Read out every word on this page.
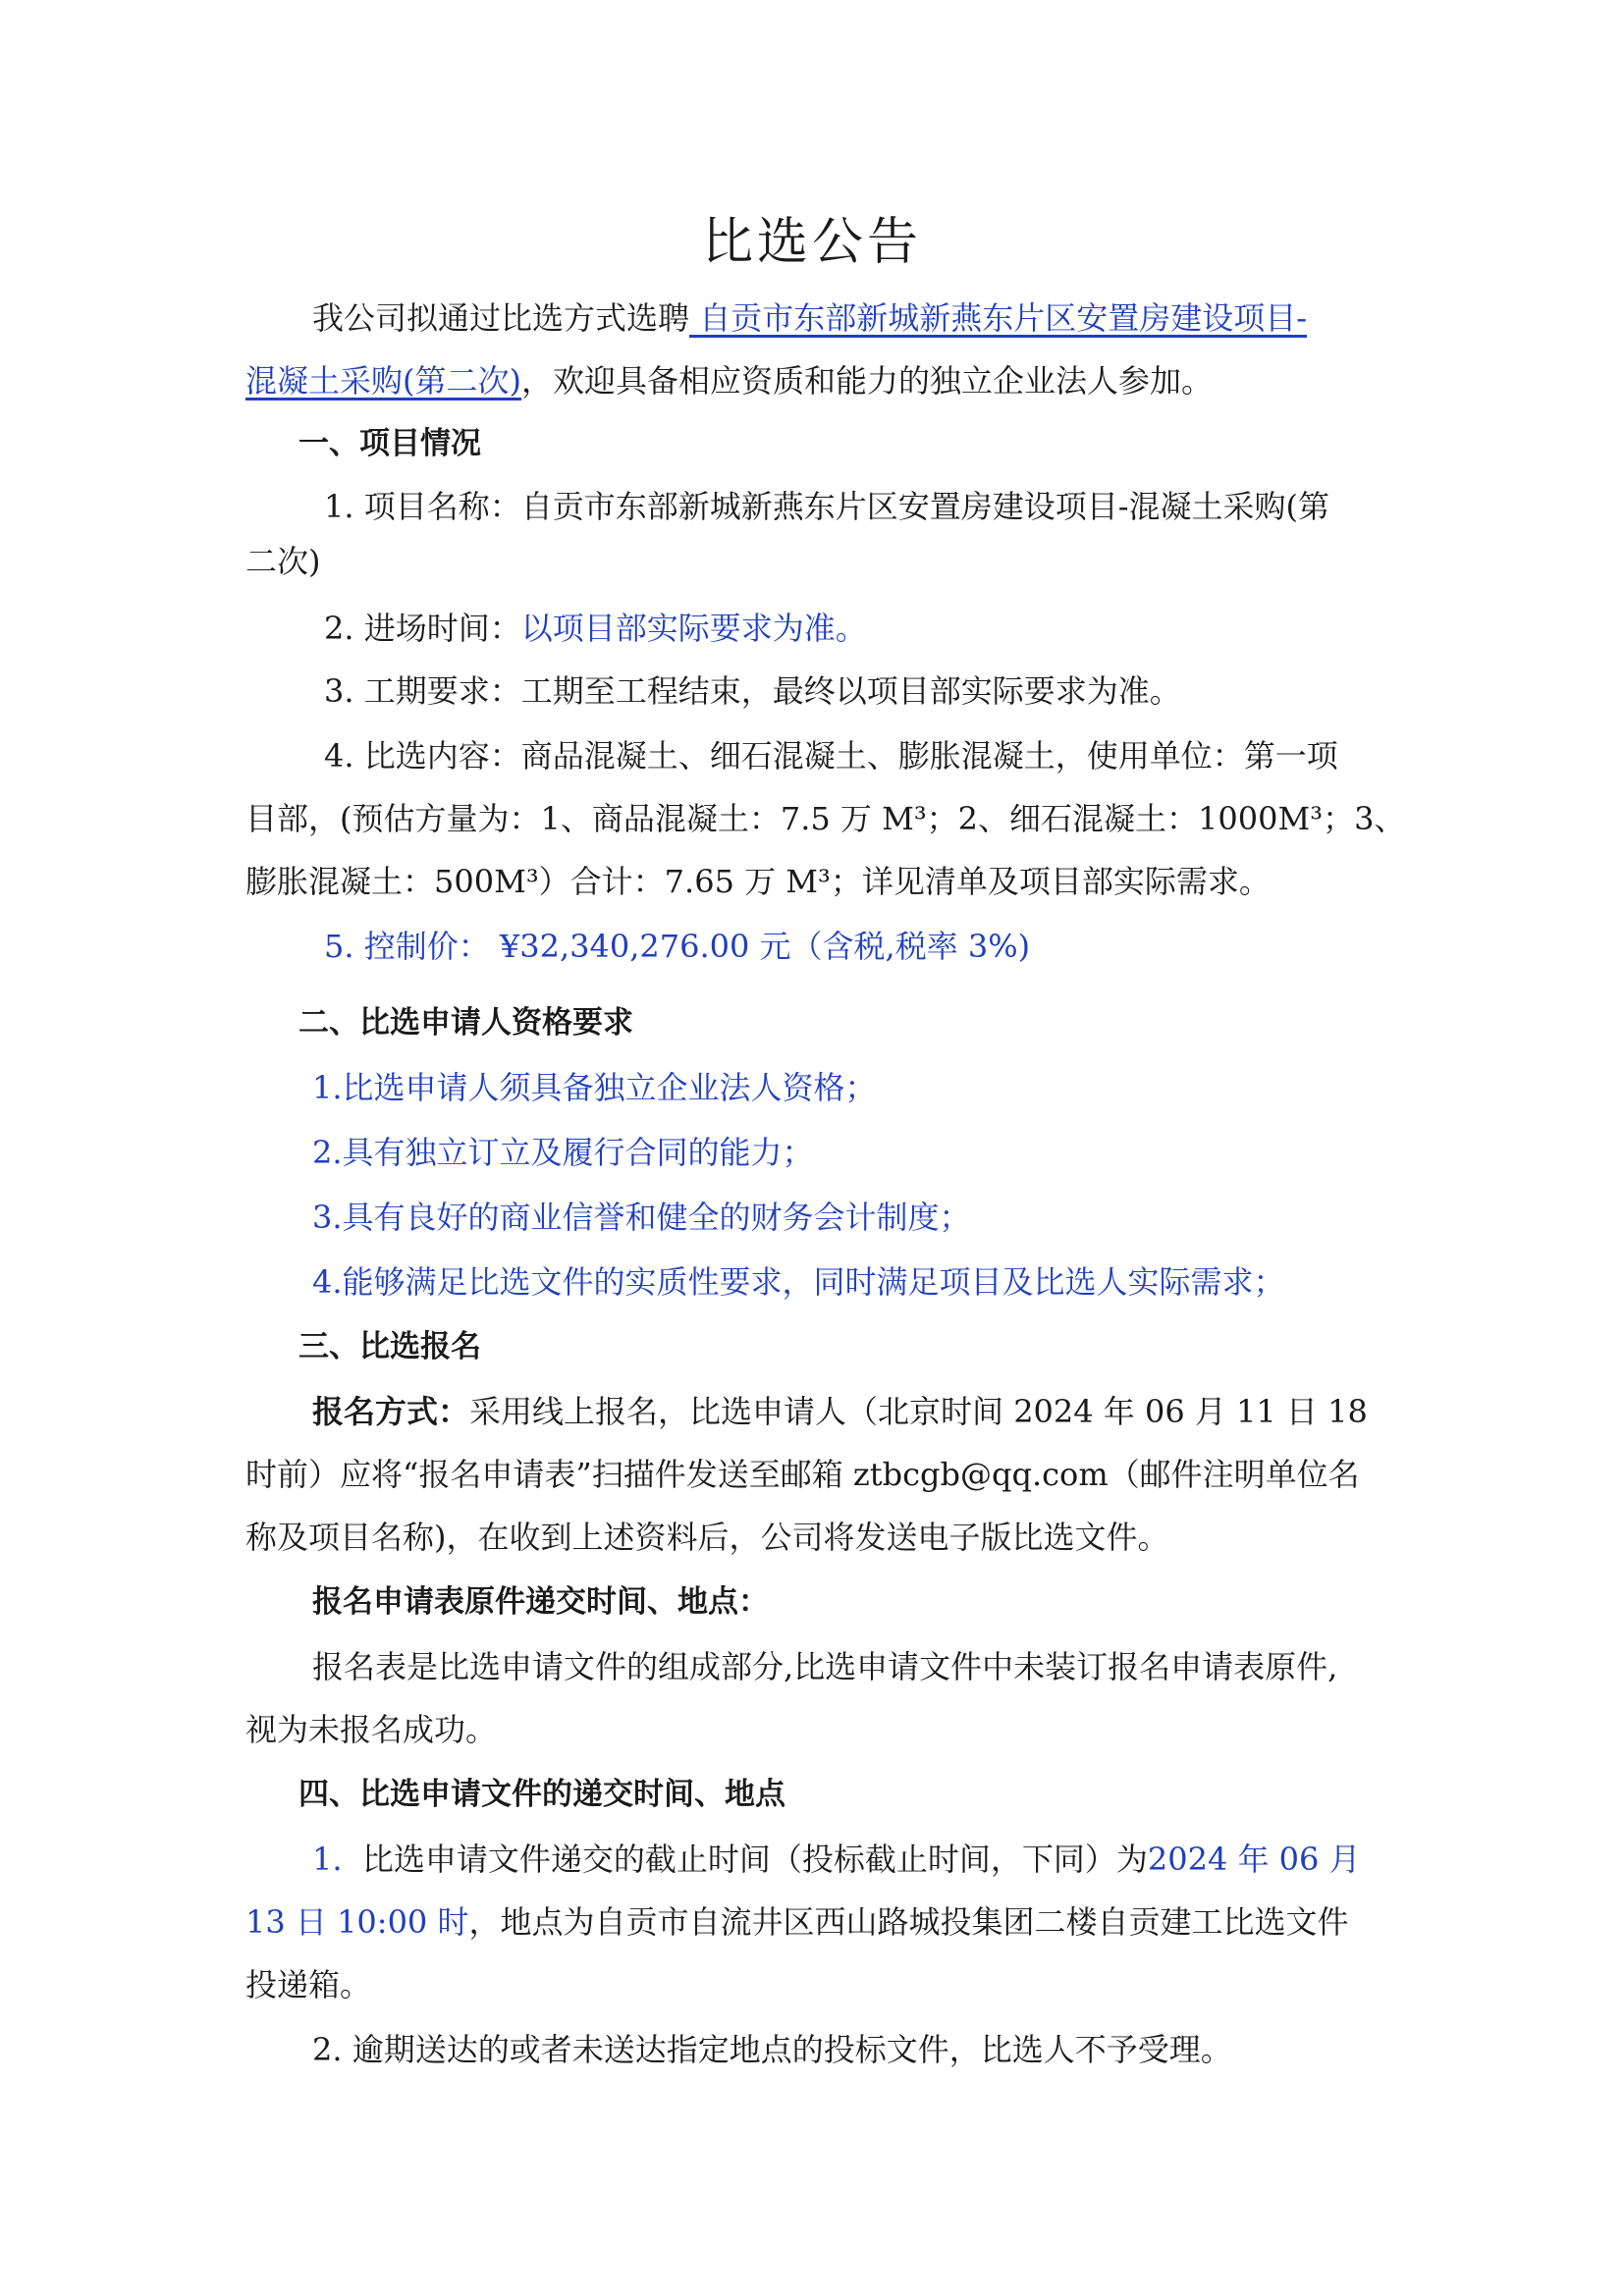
比选公告
我公司拟通过比选方式选聘 自贡市东部新城新燕东片区安置房建设项目-
混凝土采购(第二次)，欢迎具备相应资质和能力的独立企业法人参加。
一、项目情况
1. 项目名称：自贡市东部新城新燕东片区安置房建设项目-混凝土采购(第
二次)
2. 进场时间：以项目部实际要求为准。
3. 工期要求：工期至工程结束，最终以项目部实际要求为准。
4. 比选内容：商品混凝土、细石混凝土、膨胀混凝土，使用单位：第一项
目部，(预估方量为：1、商品混凝土：7.5 万 M³；2、细石混凝土：1000M³；3、
膨胀混凝土：500M³）合计：7.65 万 M³；详见清单及项目部实际需求。
5. 控制价： ¥32,340,276.00 元（含税,税率 3%)
二、比选申请人资格要求
1.比选申请人须具备独立企业法人资格；
2.具有独立订立及履行合同的能力；
3.具有良好的商业信誉和健全的财务会计制度；
4.能够满足比选文件的实质性要求，同时满足项目及比选人实际需求；
三、比选报名
报名方式：采用线上报名，比选申请人（北京时间 2024 年 06 月 11 日 18
时前）应将“报名申请表”扫描件发送至邮箱 ztbcgb@qq.com（邮件注明单位名
称及项目名称)，在收到上述资料后，公司将发送电子版比选文件。
报名申请表原件递交时间、地点：
报名表是比选申请文件的组成部分,比选申请文件中未装订报名申请表原件,
视为未报名成功。
四、比选申请文件的递交时间、地点
1. 比选申请文件递交的截止时间（投标截止时间，下同）为2024 年 06 月
13 日 10:00 时，地点为自贡市自流井区西山路城投集团二楼自贡建工比选文件
投递箱。
2. 逾期送达的或者未送达指定地点的投标文件，比选人不予受理。
